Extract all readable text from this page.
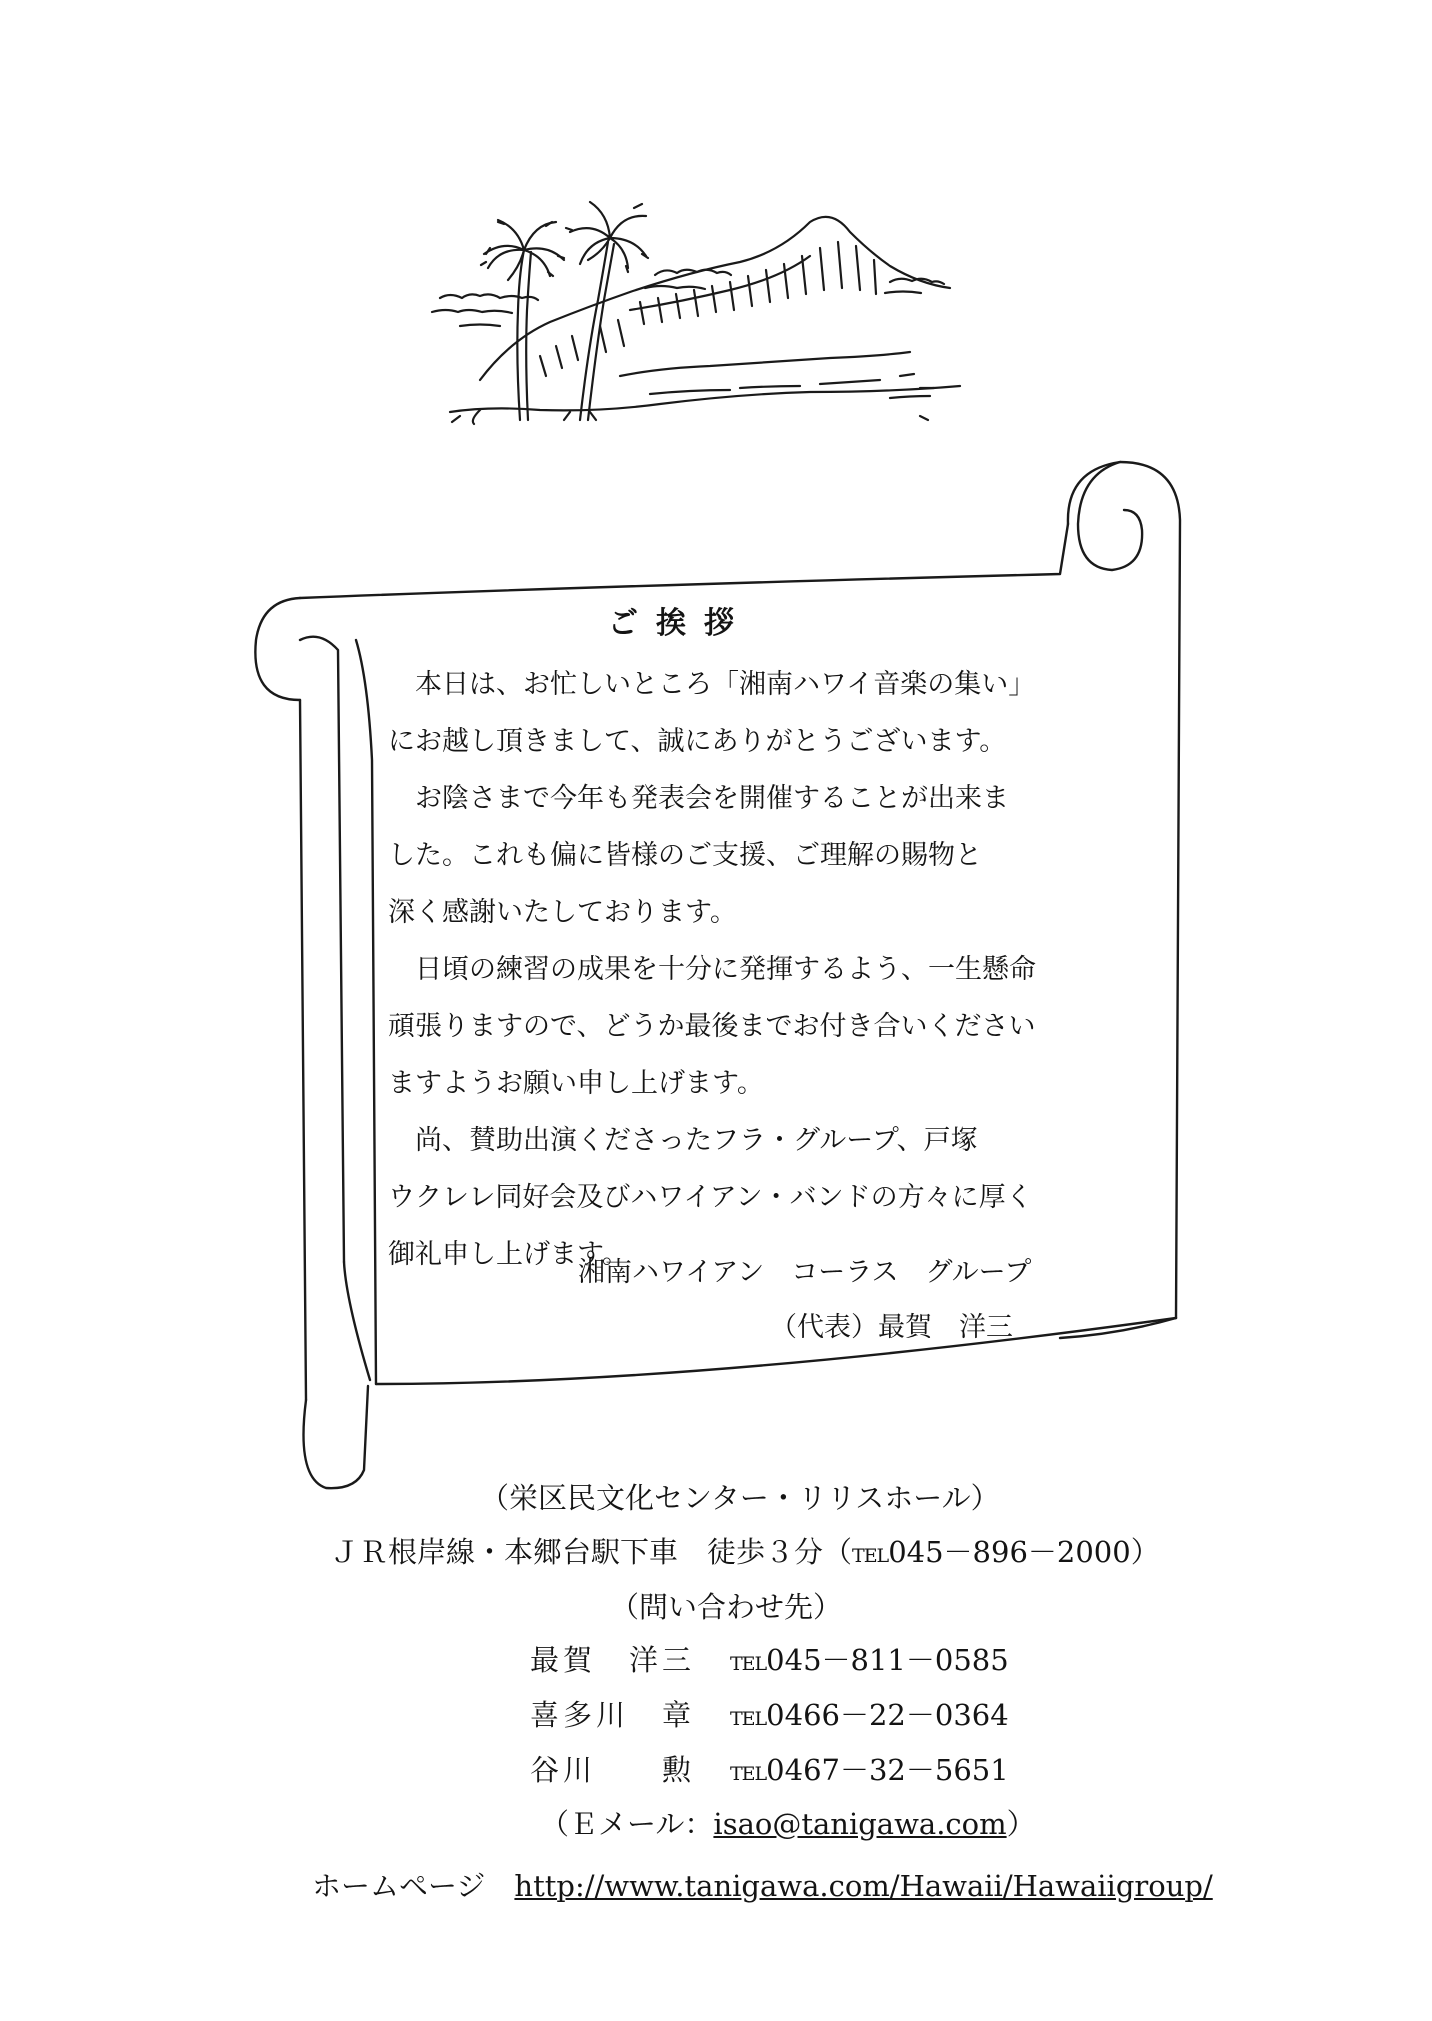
ご挨拶
　本日は、お忙しいところ「湘南ハワイ音楽の集い」
にお越し頂きまして、誠にありがとうございます。
　お陰さまで今年も発表会を開催することが出来ま
した。これも偏に皆様のご支援、ご理解の賜物と
深く感謝いたしております。
　日頃の練習の成果を十分に発揮するよう、一生懸命
頑張りますので、どうか最後までお付き合いください
ますようお願い申し上げます。
　尚、賛助出演くださったフラ・グループ、戸塚
ウクレレ同好会及びハワイアン・バンドの方々に厚く
御礼申し上げます。
湘南ハワイアン　コーラス　グループ
（代表）最賀　洋三
（栄区民文化センター・リリスホール）
ＪＲ根岸線・本郷台駅下車　徒歩３分（TEL045－896－2000）
（問い合わせ先）
最賀　洋三 TEL045－811－0585
喜多川　章 TEL0466－22－0364
谷川　　勲 TEL0467－32－5651
（Ｅメール：isao@tanigawa.com）
ホームページ　http://www.tanigawa.com/Hawaii/Hawaiigroup/
